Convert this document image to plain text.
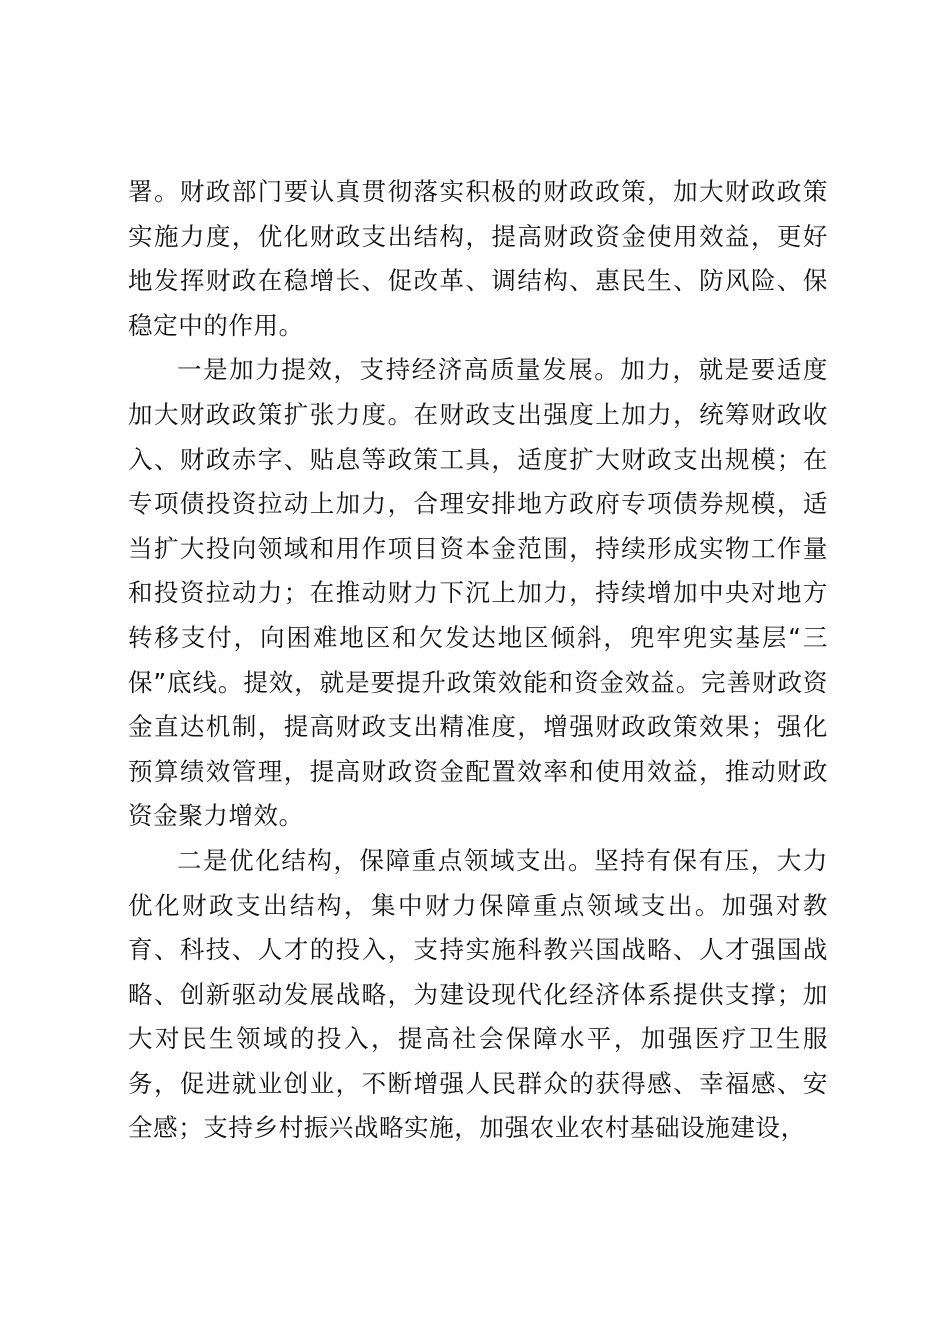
署。财政部门要认真贯彻落实积极的财政政策，加大财政政策
实施力度，优化财政支出结构，提高财政资金使用效益，更好
地发挥财政在稳增长、促改革、调结构、惠民生、防风险、保
稳定中的作用。
一是加力提效，支持经济高质量发展。加力，就是要适度
加大财政政策扩张力度。在财政支出强度上加力，统筹财政收
入、财政赤字、贴息等政策工具，适度扩大财政支出规模；在
专项债投资拉动上加力，合理安排地方政府专项债券规模，适
当扩大投向领域和用作项目资本金范围，持续形成实物工作量
和投资拉动力；在推动财力下沉上加力，持续增加中央对地方
转移支付，向困难地区和欠发达地区倾斜，兜牢兜实基层“三
保”底线。提效，就是要提升政策效能和资金效益。完善财政资
金直达机制，提高财政支出精准度，增强财政政策效果；强化
预算绩效管理，提高财政资金配置效率和使用效益，推动财政
资金聚力增效。
二是优化结构，保障重点领域支出。坚持有保有压，大力
优化财政支出结构，集中财力保障重点领域支出。加强对教
育、科技、人才的投入，支持实施科教兴国战略、人才强国战
略、创新驱动发展战略，为建设现代化经济体系提供支撑；加
大对民生领域的投入，提高社会保障水平，加强医疗卫生服
务，促进就业创业，不断增强人民群众的获得感、幸福感、安
全感；支持乡村振兴战略实施，加强农业农村基础设施建设，
